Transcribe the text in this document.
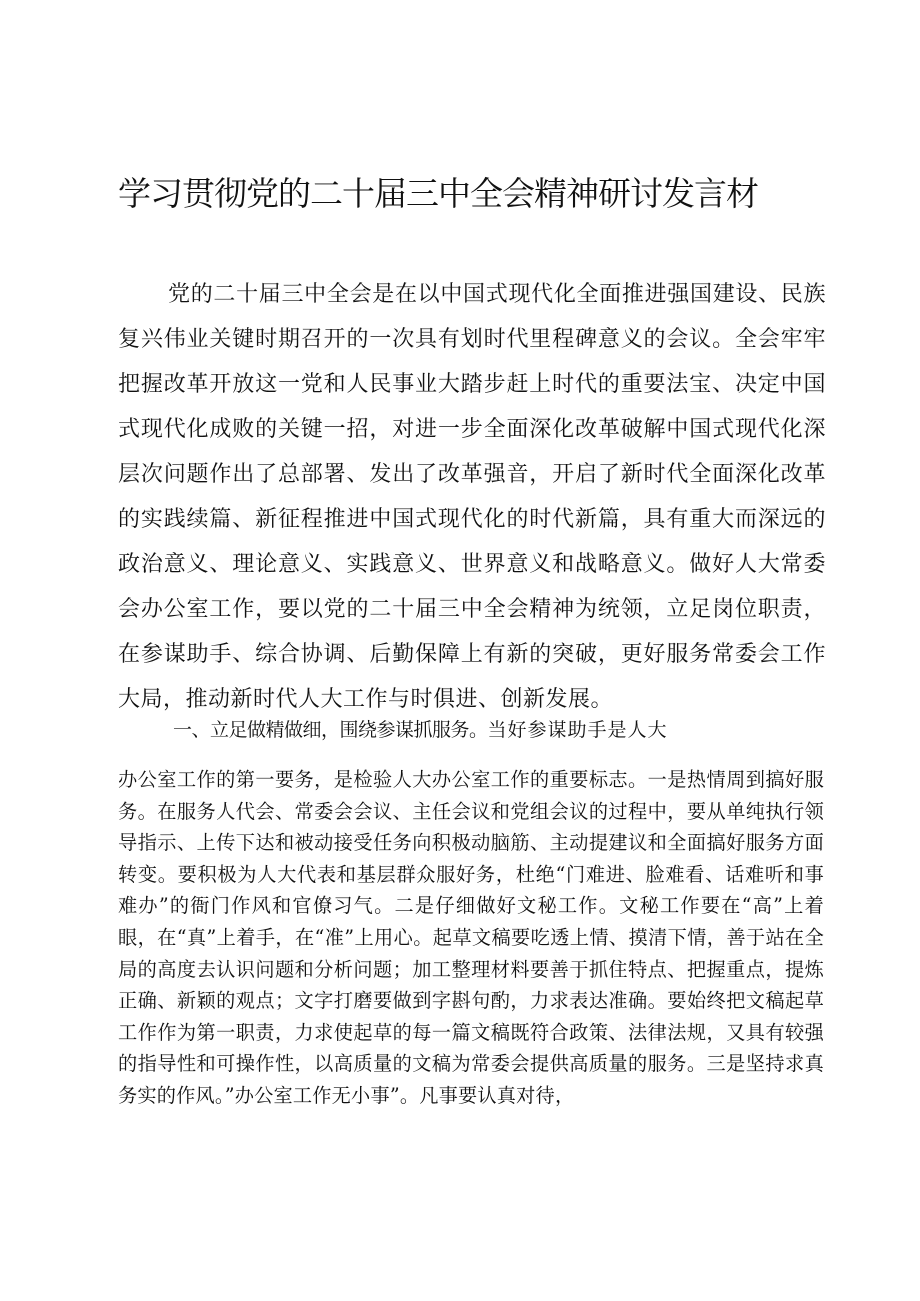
学习贯彻党的二十届三中全会精神研讨发言材

党的二十届三中全会是在以中国式现代化全面推进强国建设、民族复兴伟业关键时期召开的一次具有划时代里程碑意义的会议。全会牢牢把握改革开放这一党和人民事业大踏步赶上时代的重要法宝、决定中国式现代化成败的关键一招，对进一步全面深化改革破解中国式现代化深层次问题作出了总部署、发出了改革强音，开启了新时代全面深化改革的实践续篇、新征程推进中国式现代化的时代新篇，具有重大而深远的政治意义、理论意义、实践意义、世界意义和战略意义。做好人大常委会办公室工作，要以党的二十届三中全会精神为统领，立足岗位职责，在参谋助手、综合协调、后勤保障上有新的突破，更好服务常委会工作大局，推动新时代人大工作与时俱进、创新发展。

一、立足做精做细，围绕参谋抓服务。当好参谋助手是人大

办公室工作的第一要务，是检验人大办公室工作的重要标志。一是热情周到搞好服务。在服务人代会、常委会会议、主任会议和党组会议的过程中，要从单纯执行领导指示、上传下达和被动接受任务向积极动脑筋、主动提建议和全面搞好服务方面转变。要积极为人大代表和基层群众服好务，杜绝“门难进、脸难看、话难听和事难办”的衙门作风和官僚习气。二是仔细做好文秘工作。文秘工作要在“高”上着眼，在“真”上着手，在“准”上用心。起草文稿要吃透上情、摸清下情，善于站在全局的高度去认识问题和分析问题；加工整理材料要善于抓住特点、把握重点，提炼正确、新颖的观点；文字打磨要做到字斟句酌，力求表达准确。要始终把文稿起草工作作为第一职责，力求使起草的每一篇文稿既符合政策、法律法规，又具有较强的指导性和可操作性，以高质量的文稿为常委会提供高质量的服务。三是坚持求真务实的作风。”办公室工作无小事”。凡事要认真对待，
